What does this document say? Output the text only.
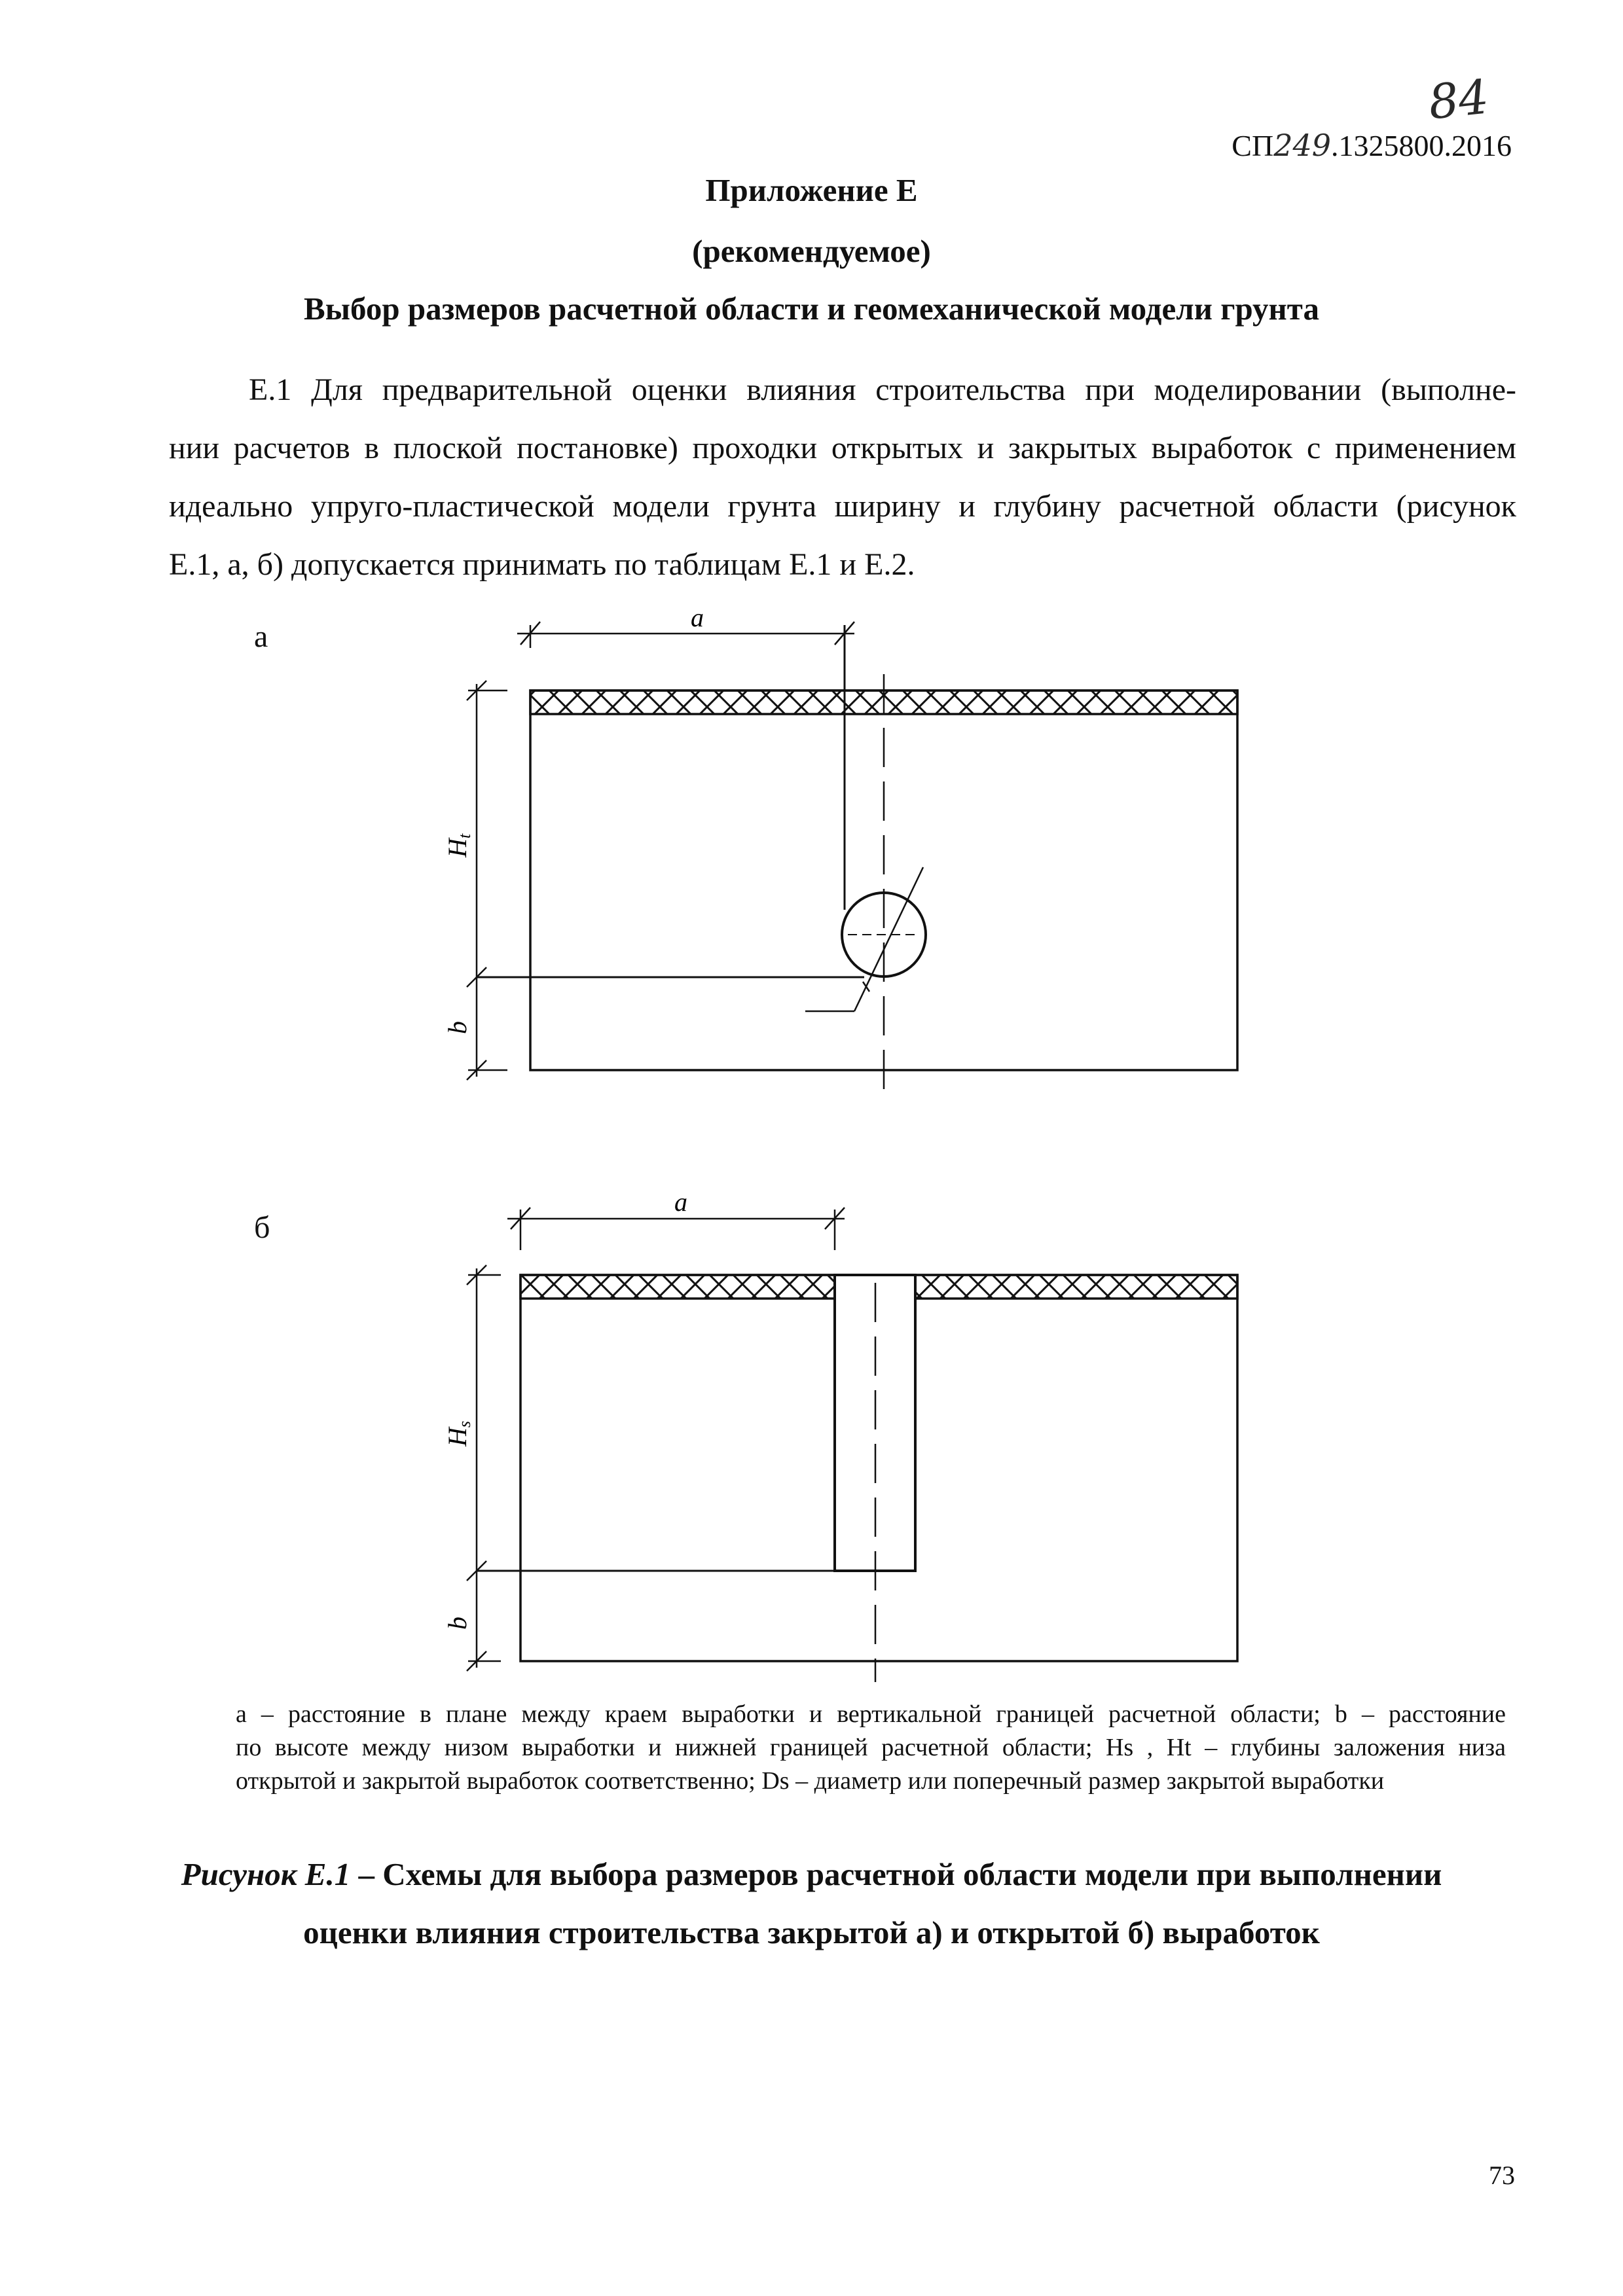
84
СП249.1325800.2016
Приложение Е
(рекомендуемое)
Выбор размеров расчетной области и геомеханической модели грунта
Е.1 Для предварительной оценки влияния строительства при моделировании (выполне-
нии расчетов в плоской постановке) проходки открытых и закрытых выработок с применением
идеально упруго-пластической модели грунта ширину и глубину расчетной области (рисунок
Е.1, а, б) допускается принимать по таблицам Е.1 и Е.2.
а
a
Ht
b
б
a
Hs
b
a – расстояние в плане между краем выработки и вертикальной границей расчетной области; b – расстояние
по высоте между низом выработки и нижней границей расчетной области; Hs , Ht – глубины заложения низа
открытой и закрытой выработок соответственно; Ds – диаметр или поперечный размер закрытой выработки
Рисунок Е.1 – Схемы для выбора размеров расчетной области модели при выполнении
оценки влияния строительства закрытой а) и открытой б) выработок
73
